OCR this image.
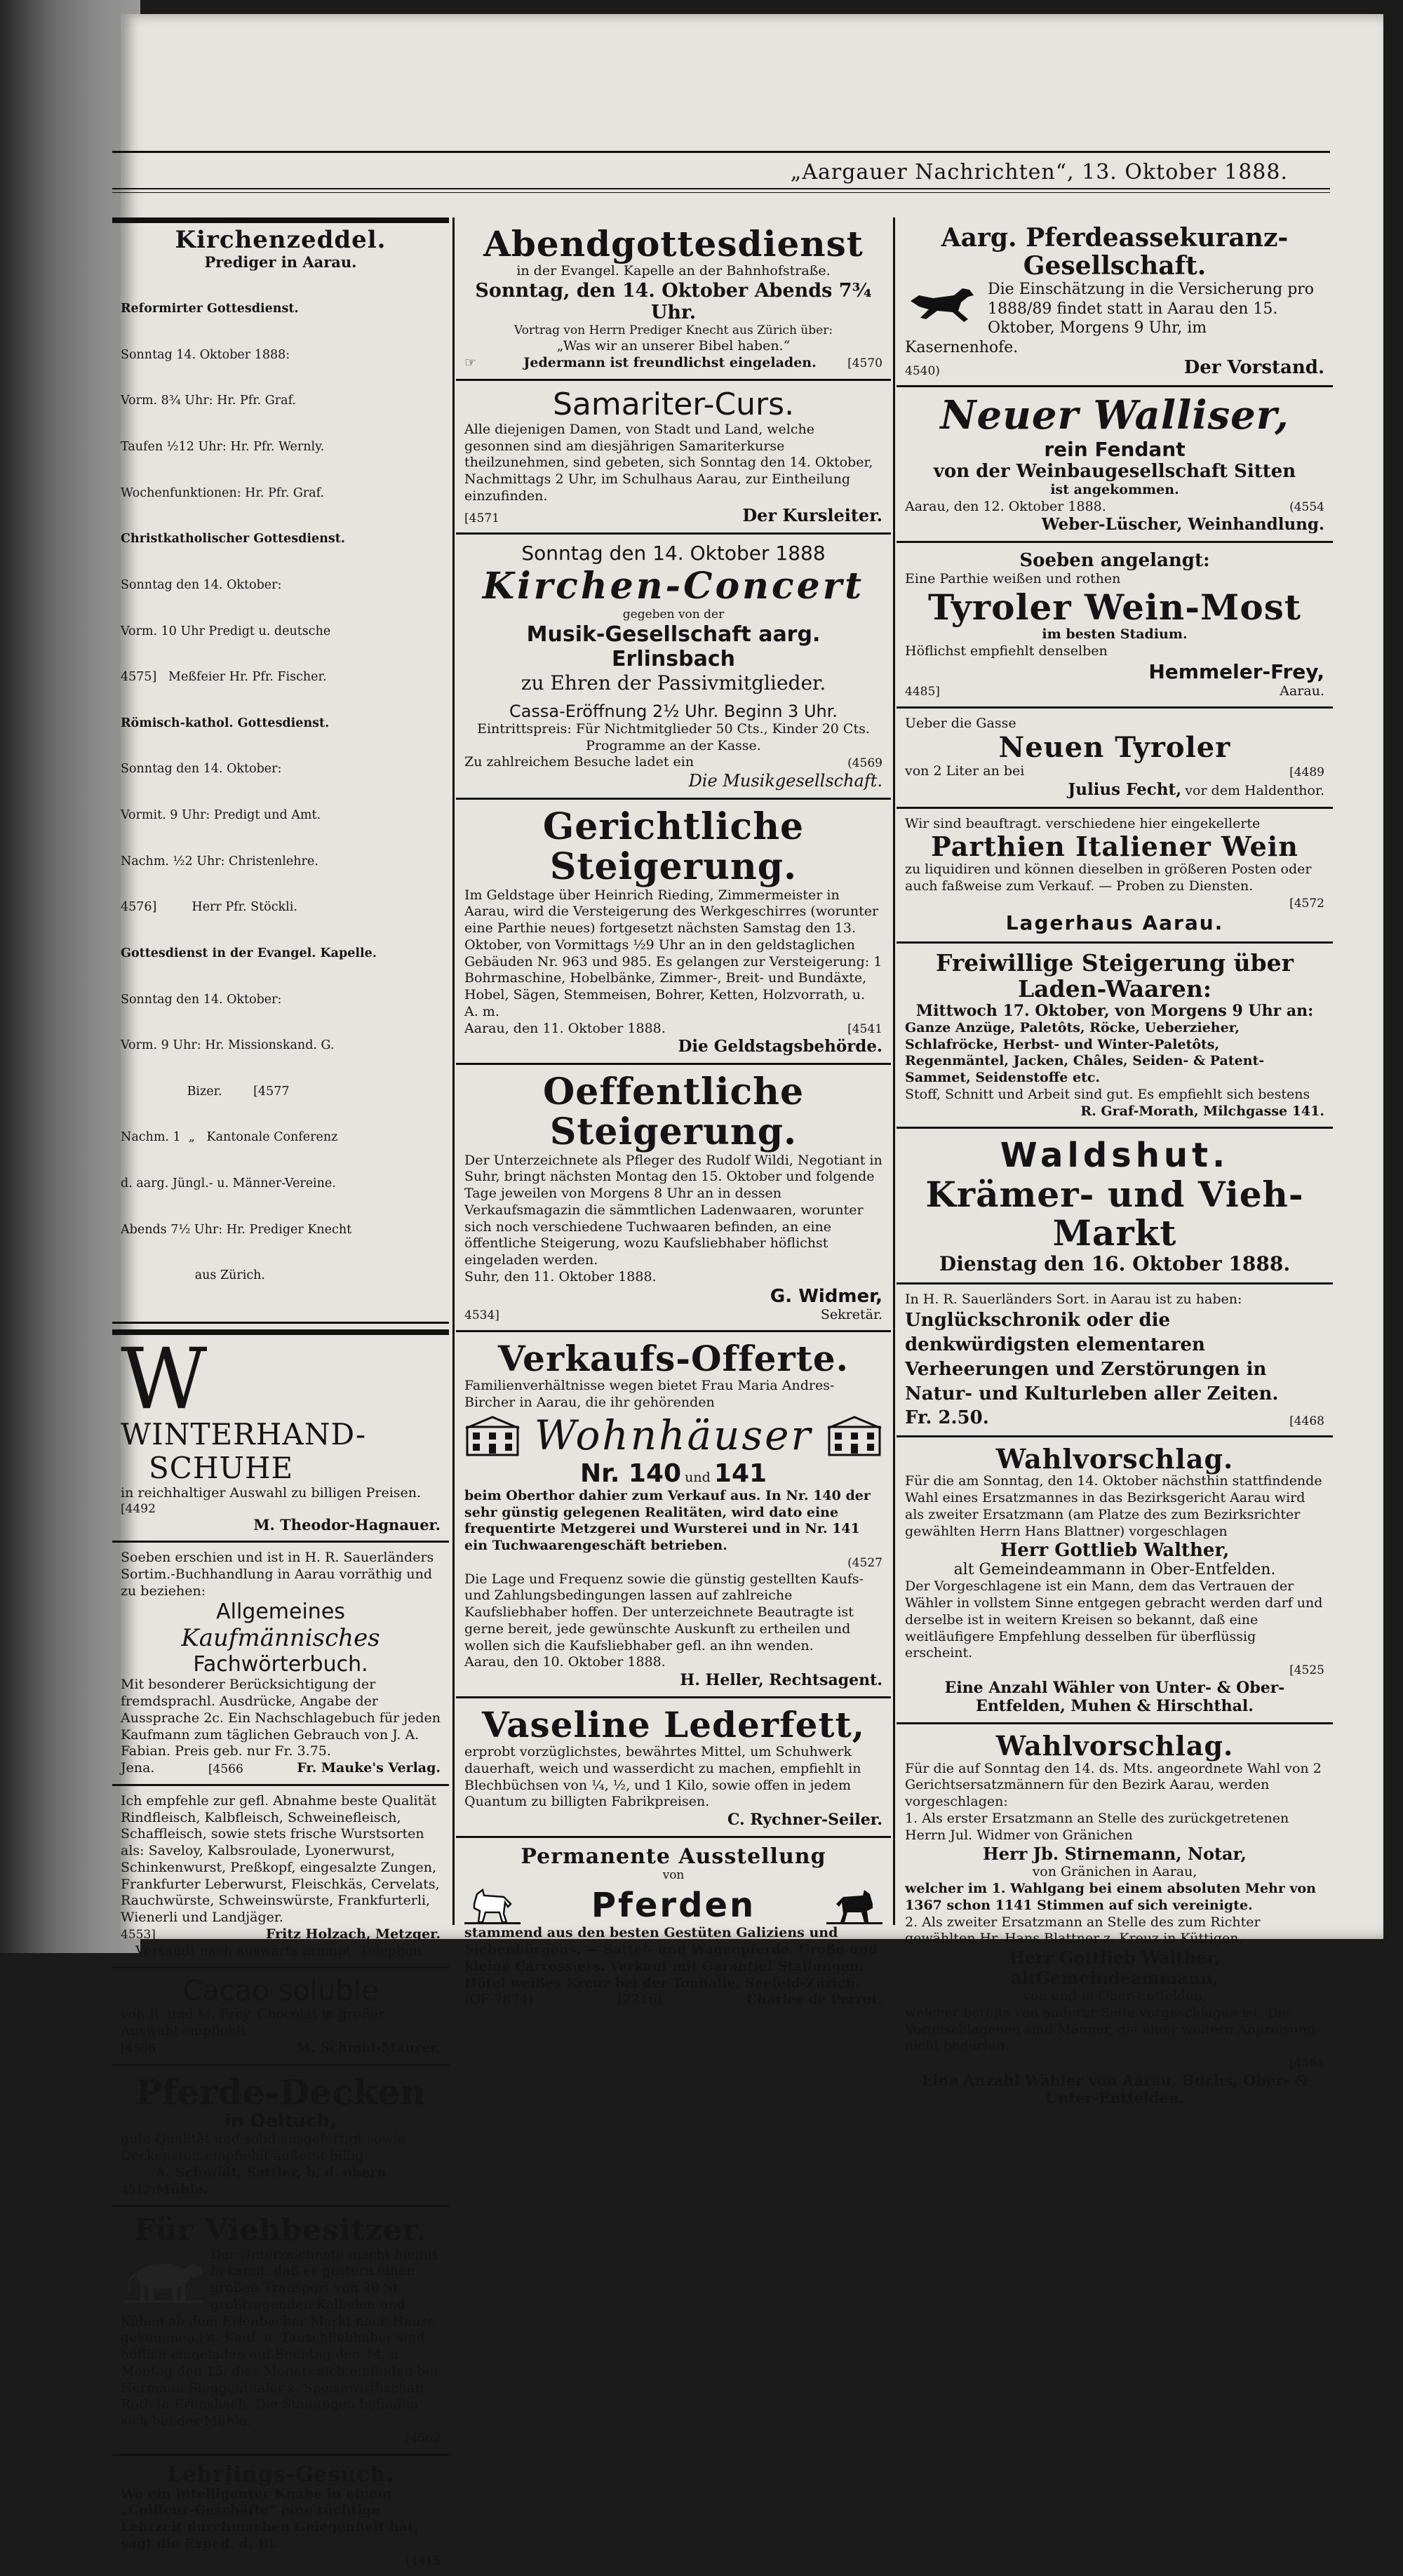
„Aargauer Nachrichten“, 13. Oktober 1888.
Kirchenzeddel.
Prediger in Aarau.

Reformirter Gottesdienst.

Sonntag 14. Oktober 1888:

Vorm. 8¾ Uhr: Hr. Pfr. Graf.

Taufen ½12 Uhr: Hr. Pfr. Wernly.

Wochenfunktionen: Hr. Pfr. Graf.

Christkatholischer Gottesdienst.

Sonntag den 14. Oktober:

Vorm. 10 Uhr Predigt u. deutsche

4575]   Meßfeier Hr. Pfr. Fischer.

Römisch-kathol. Gottesdienst.

Sonntag den 14. Oktober:

Vormit. 9 Uhr: Predigt und Amt.

Nachm. ½2 Uhr: Christenlehre.

4576]         Herr Pfr. Stöckli.

Gottesdienst in der Evangel. Kapelle.

Sonntag den 14. Oktober:

Vorm. 9 Uhr: Hr. Missionskand. G.

Bizer.        [4577

Nachm. 1  „   Kantonale Conferenz

d. aarg. Jüngl.- u. Männer-Vereine.

Abends 7½ Uhr: Hr. Prediger Knecht

aus Zürich.

W
WINTERHAND-
SCHUHE
in reichhaltiger Auswahl zu billigen Preisen.
[4492
M. Theodor-Hagnauer.
Soeben erschien und ist in H. R. Sauerländers Sortim.-Buchhandlung in Aarau vorräthig und zu beziehen:
Allgemeines
Kaufmännisches
Fachwörterbuch.
Mit besonderer Berücksichtigung der fremdsprachl. Ausdrücke, Angabe der Aussprache 2c. Ein Nachschlagebuch für jeden Kaufmann zum täglichen Gebrauch von J. A. Fabian. Preis geb. nur Fr. 3.75.
Jena.	[4566	Fr. Mauke's Verlag.
Ich empfehle zur gefl. Abnahme beste Qualität Rindfleisch, Kalbfleisch, Schweinefleisch, Schaffleisch, sowie stets frische Wurstsorten als: Saveloy, Kalbsroulade, Lyonerwurst, Schinkenwurst, Preßkopf, eingesalzte Zungen, Frankfurter Leberwurst, Fleischkäs, Cervelats, Rauchwürste, Schweinswürste, Frankfurterli, Wienerli und Landjäger.
4553]	Fritz Holzach, Metzger.
Versandt nach auswärts prompt. Telephon.
Cacao soluble
von R. und M. Frey. Chocolat in großer Auswahl empfiehlt
[4556	M. Schmid-Maurer.
Pferde-Decken
in Oeltuch,
gute Qualität und solid ausgefertigt sowie Deckenstoff empfiehlt äußerst billig
4512)
A. Schmidt, Sattler, b. d. obern Mühle.
Für Viehbesitzer.
Der Unterzeichnete macht hiemit bekannt, daß er gestern einen großen Transport von 20 St. großtragenden Kalbelen und Kühen ab dem Erlenbacher Markt nach Hause gekommen ist. Kauf- u. Tauschliebhaber sind höflich eingeladen auf Sonntag den 14. u. Montag den 15. dies Monats sich einfinden bei Hermann Sieggenthaler z. Speisewirthschaft Roth in Erlinsbach. Die Stallungen befinden sich bei der Mühle.
[4562
Lehrlings-Gesuch.
Wo ein intelligenter Knabe in einem „Coiffeur-Geschäfte“ eine tüchtige Lehrzeit durchmachen Gelegenheit hat, sagt die Exped. d. Bl.
(4415
Abendgottesdienst
in der Evangel. Kapelle an der Bahnhofstraße.
Sonntag, den 14. Oktober Abends 7¾ Uhr.
Vortrag von Herrn Prediger Knecht aus Zürich über:
„Was wir an unserer Bibel haben.“
☞	Jedermann ist freundlichst eingeladen.	[4570
Samariter-Curs.
Alle diejenigen Damen, von Stadt und Land, welche gesonnen sind am diesjährigen Samariterkurse theilzunehmen, sind gebeten, sich Sonntag den 14. Oktober, Nachmittags 2 Uhr, im Schulhaus Aarau, zur Eintheilung einzufinden.
[4571	Der Kursleiter.
Sonntag den 14. Oktober 1888
Kirchen-Concert
gegeben von der
Musik-Gesellschaft aarg. Erlinsbach
zu Ehren der Passivmitglieder.
Cassa-Eröffnung 2½ Uhr. Beginn 3 Uhr.
Eintrittspreis: Für Nichtmitglieder 50 Cts., Kinder 20 Cts.
Programme an der Kasse.
Zu zahlreichem Besuche ladet ein	(4569
Die Musikgesellschaft.
Gerichtliche Steigerung.
Im Geldstage über Heinrich Rieding, Zimmermeister in Aarau, wird die Versteigerung des Werkgeschirres (worunter eine Parthie neues) fortgesetzt nächsten Samstag den 13. Oktober, von Vormittags ½9 Uhr an in den geldstaglichen Gebäuden Nr. 963 und 985. Es gelangen zur Versteigerung: 1 Bohrmaschine, Hobelbänke, Zimmer-, Breit- und Bundäxte, Hobel, Sägen, Stemmeisen, Bohrer, Ketten, Holzvorrath, u. A. m.
Aarau, den 11. Oktober 1888.	[4541
Die Geldstagsbehörde.
Oeffentliche Steigerung.
Der Unterzeichnete als Pfleger des Rudolf Wildi, Negotiant in Suhr, bringt nächsten Montag den 15. Oktober und folgende Tage jeweilen von Morgens 8 Uhr an in dessen Verkaufsmagazin die sämmtlichen Ladenwaaren, worunter sich noch verschiedene Tuchwaaren befinden, an eine öffentliche Steigerung, wozu Kaufsliebhaber höflichst eingeladen werden.
Suhr, den 11. Oktober 1888.
G. Widmer,
4534]	Sekretär.
Verkaufs-Offerte.
Familienverhältnisse wegen bietet Frau Maria Andres-Bircher in Aarau, die ihr gehörenden
Wohnhäuser
Nr. 140 und 141
beim Oberthor dahier zum Verkauf aus. In Nr. 140 der sehr günstig gelegenen Realitäten, wird dato eine frequentirte Metzgerei und Wursterei und in Nr. 141 ein Tuchwaarengeschäft betrieben.
(4527
Die Lage und Frequenz sowie die günstig gestellten Kaufs- und Zahlungsbedingungen lassen auf zahlreiche Kaufsliebhaber hoffen. Der unterzeichnete Beautragte ist gerne bereit, jede gewünschte Auskunft zu ertheilen und wollen sich die Kaufsliebhaber gefl. an ihn wenden.
Aarau, den 10. Oktober 1888.
H. Heller, Rechtsagent.
Vaseline Lederfett,
erprobt vorzüglichstes, bewährtes Mittel, um Schuhwerk dauerhaft, weich und wasserdicht zu machen, empfiehlt in Blechbüchsen von ¼, ½, und 1 Kilo, sowie offen in jedem Quantum zu billigten Fabrikpreisen.
C. Rychner-Seiler.
Permanente Ausstellung
von
Pferden
stammend aus den besten Gestüten Galiziens und Siebenbürgens. — Sattel- und Wagenpferde. Große und kleine Carrossiers. Verkauf mit Garantie! Stallungen: Hôtel weißes Kreuz bei der Tonhalle, Seefeld-Zürich.
(OF 7874)	[2216]	Charles de Perrot.
Aarg. Pferdeassekuranz-Gesellschaft.
Die Einschätzung in die Versicherung pro 1888/89 findet statt in Aarau den 15. Oktober, Morgens 9 Uhr, im Kasernenhofe.
4540)	Der Vorstand.
Neuer Walliser,
rein Fendant
von der Weinbaugesellschaft Sitten
ist angekommen.
Aarau, den 12. Oktober 1888.	(4554
Weber-Lüscher, Weinhandlung.
Soeben angelangt:
Eine Parthie weißen und rothen
Tyroler Wein-Most
im besten Stadium.
Höflichst empfiehlt denselben
Hemmeler-Frey,
4485]	Aarau.
Ueber die Gasse
Neuen Tyroler
von 2 Liter an bei	[4489
Julius Fecht, vor dem Haldenthor.
Wir sind beauftragt. verschiedene hier eingekellerte
Parthien Italiener Wein
zu liquidiren und können dieselben in größeren Posten oder auch faßweise zum Verkauf. — Proben zu Diensten.
[4572
Lagerhaus Aarau.
Freiwillige Steigerung über Laden-Waaren:
Mittwoch 17. Oktober, von Morgens 9 Uhr an:
Ganze Anzüge, Paletôts, Röcke, Ueberzieher, Schlafröcke, Herbst- und Winter-Paletôts, Regenmäntel, Jacken, Châles, Seiden- & Patent-Sammet, Seidenstoffe etc.
Stoff, Schnitt und Arbeit sind gut. Es empfiehlt sich bestens
R. Graf-Morath, Milchgasse 141.
Waldshut.
Krämer- und Vieh-Markt
Dienstag den 16. Oktober 1888.
In H. R. Sauerländers Sort. in Aarau ist zu haben:
Unglückschronik oder die denkwürdigsten elementaren Verheerungen und Zerstörungen in Natur- und Kulturleben aller Zeiten.
Fr. 2.50.	[4468
Wahlvorschlag.
Für die am Sonntag, den 14. Oktober nächsthin stattfindende Wahl eines Ersatzmannes in das Bezirksgericht Aarau wird als zweiter Ersatzmann (am Platze des zum Bezirksrichter gewählten Herrn Hans Blattner) vorgeschlagen
Herr Gottlieb Walther,
alt Gemeindeammann in Ober-Entfelden.
Der Vorgeschlagene ist ein Mann, dem das Vertrauen der Wähler in vollstem Sinne entgegen gebracht werden darf und derselbe ist in weitern Kreisen so bekannt, daß eine weitläufigere Empfehlung desselben für überflüssig erscheint.
[4525
Eine Anzahl Wähler von Unter- & Ober-Entfelden, Muhen & Hirschthal.
Wahlvorschlag.
Für die auf Sonntag den 14. ds. Mts. angeordnete Wahl von 2 Gerichtsersatzmännern für den Bezirk Aarau, werden vorgeschlagen:
1. Als erster Ersatzmann an Stelle des zurückgetretenen Herrn Jul. Widmer von Gränichen
Herr Jb. Stirnemann, Notar,
von Gränichen in Aarau,
welcher im 1. Wahlgang bei einem absoluten Mehr von 1367 schon 1141 Stimmen auf sich vereinigte.
2. Als zweiter Ersatzmann an Stelle des zum Richter gewählten Hr. Hans Blattner z. Kreuz in Küttigen,
Herr Gottlieb Walther, altGemeindeammann,
von und in Ober-Entfelden,
welcher bereits von anderer Seite vorgeschlagen ist. Die Vorgeschlagenen sind Männer, die einer weitern Anpreisung nicht bedürfen.
[4561
Eine Anzahl Wähler von Aarau, Buchs, Ober- & Unter-Entfelden.
